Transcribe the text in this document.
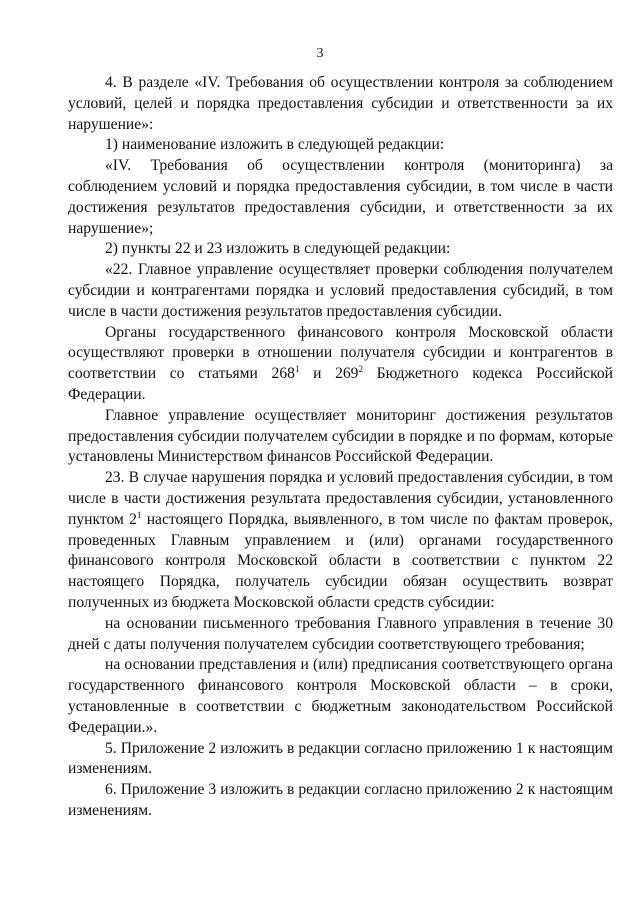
3

4. В разделе «IV. Требования об осуществлении контроля за соблюдением условий, целей и порядка предоставления субсидии и ответственности за их нарушение»:

1) наименование изложить в следующей редакции:

«IV. Требования об осуществлении контроля (мониторинга) за соблюдением условий и порядка предоставления субсидии, в том числе в части достижения результатов предоставления субсидии, и ответственности за их нарушение»;

2) пункты 22 и 23 изложить в следующей редакции:

«22. Главное управление осуществляет проверки соблюдения получателем субсидии и контрагентами порядка и условий предоставления субсидий, в том числе в части достижения результатов предоставления субсидии.

Органы государственного финансового контроля Московской области осуществляют проверки в отношении получателя субсидии и контрагентов в соответствии со статьями $268^1$ и $269^2$ Бюджетного кодекса Российской Федерации.

Главное управление осуществляет мониторинг достижения результатов предоставления субсидии получателем субсидии в порядке и по формам, которые установлены Министерством финансов Российской Федерации.

23. В случае нарушения порядка и условий предоставления субсидии, в том числе в части достижения результата предоставления субсидии, установленного пунктом $2^1$ настоящего Порядка, выявленного, в том числе по фактам проверок, проведенных Главным управлением и (или) органами государственного финансового контроля Московской области в соответствии с пунктом 22 настоящего Порядка, получатель субсидии обязан осуществить возврат полученных из бюджета Московской области средств субсидии:

на основании письменного требования Главного управления в течение 30 дней с даты получения получателем субсидии соответствующего требования;

на основании представления и (или) предписания соответствующего органа государственного финансового контроля Московской области – в сроки, установленные в соответствии с бюджетным законодательством Российской Федерации.».

5. Приложение 2 изложить в редакции согласно приложению 1 к настоящим изменениям.

6. Приложение 3 изложить в редакции согласно приложению 2 к настоящим изменениям.
